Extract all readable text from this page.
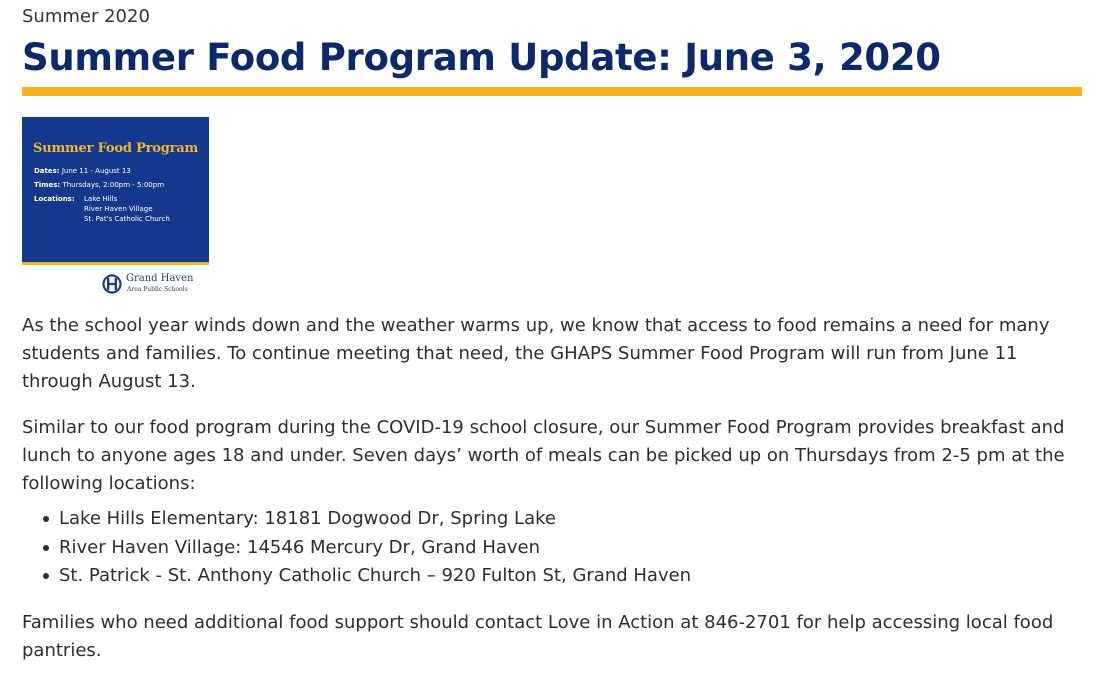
Summer 2020
Summer Food Program Update: June 3, 2020
Summer Food Program
Dates: June 11 - August 13
Times: Thursdays, 2:00pm - 5:00pm
Locations: Lake Hills
River Haven Village
St. Pat's Catholic Church
Grand Haven
Area Public Schools

As the school year winds down and the weather warms up, we know that access to food remains a need for many students and families. To continue meeting that need, the GHAPS Summer Food Program will run from June 11 through August 13.

Similar to our food program during the COVID-19 school closure, our Summer Food Program provides breakfast and lunch to anyone ages 18 and under. Seven days’ worth of meals can be picked up on Thursdays from 2-5 pm at the following locations:

Lake Hills Elementary: 18181 Dogwood Dr, Spring Lake
River Haven Village: 14546 Mercury Dr, Grand Haven
St. Patrick - St. Anthony Catholic Church – 920 Fulton St, Grand Haven

Families who need additional food support should contact Love in Action at 846-2701 for help accessing local food pantries.
